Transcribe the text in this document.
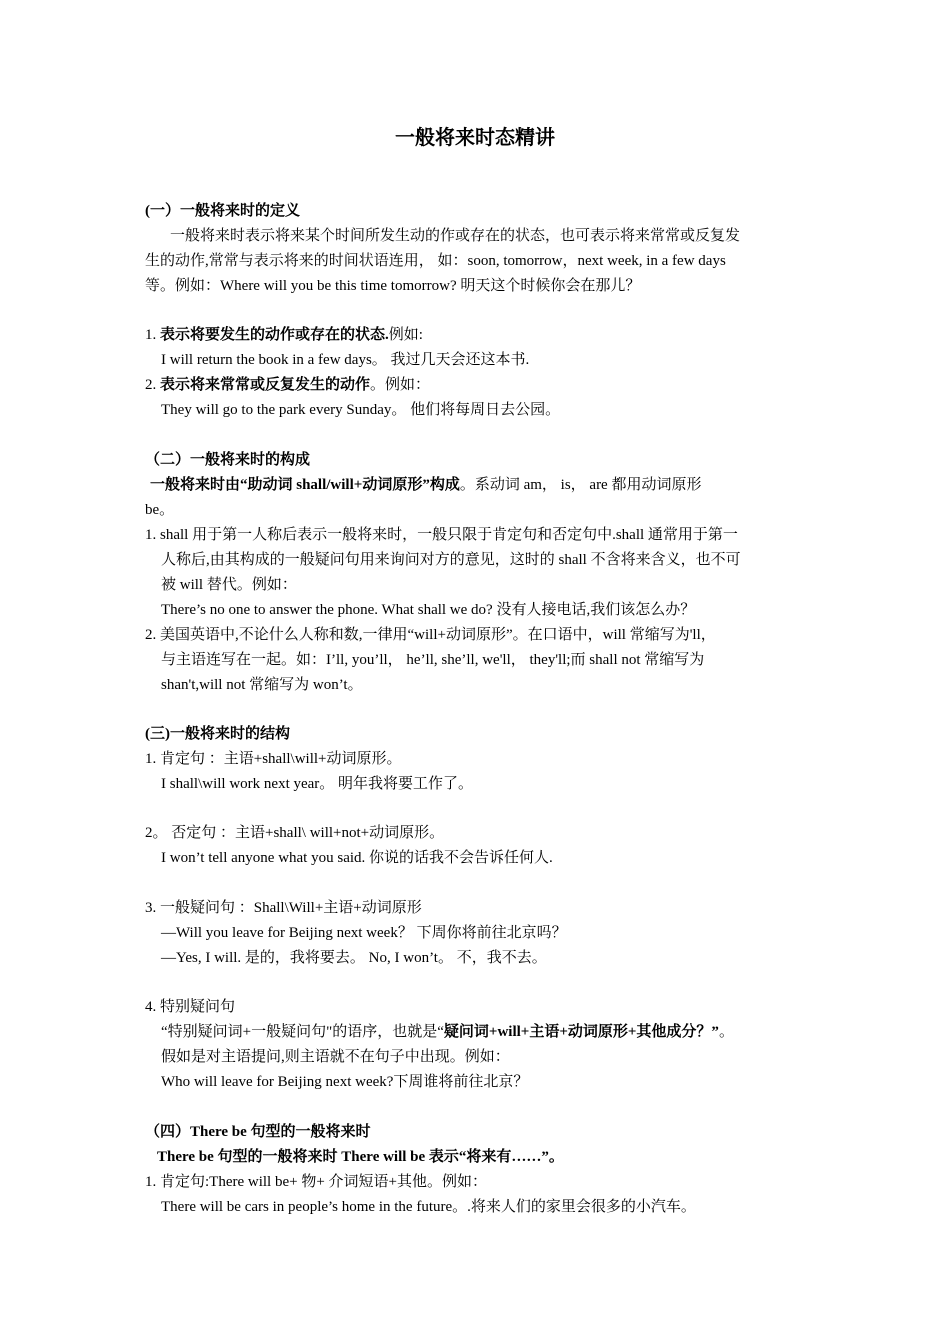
一般将来时态精讲
(一）一般将来时的定义
一般将来时表示将来某个时间所发生动的作或存在的状态，也可表示将来常常或反复发
生的动作,常常与表示将来的时间状语连用， 如：soon, tomorrow，next week, in a few days
等。例如：Where will you be this time tomorrow? 明天这个时候你会在那儿？
1. 表示将要发生的动作或存在的状态.例如:
I will return the book in a few days。 我过几天会还这本书.
2. 表示将来常常或反复发生的动作。例如：
They will go to the park every Sunday。 他们将每周日去公园。
（二）一般将来时的构成
一般将来时由“助动词 shall/will+动词原形”构成。系动词 am， is， are 都用动词原形
be。
1. shall 用于第一人称后表示一般将来时，一般只限于肯定句和否定句中.shall 通常用于第一
人称后,由其构成的一般疑问句用来询问对方的意见，这时的 shall 不含将来含义，也不可
被 will 替代。例如：
There’s no one to answer the phone. What shall we do? 没有人接电话,我们该怎么办？
2. 美国英语中,不论什么人称和数,一律用“will+动词原形”。在口语中，will 常缩写为'll，
与主语连写在一起。如：I’ll, you’ll， he’ll, she’ll, we'll， they'll;而 shall not 常缩写为
shan't,will not 常缩写为 won’t。
(三)一般将来时的结构
1. 肯定句 ：主语+shall\will+动词原形。
I shall\will work next year。 明年我将要工作了。
2。 否定句 ：主语+shall\ will+not+动词原形。
I won’t tell anyone what you said. 你说的话我不会告诉任何人.
3. 一般疑问句 ：Shall\Will+主语+动词原形
—Will you leave for Beijing next week？ 下周你将前往北京吗？
—Yes, I will. 是的，我将要去。 No, I won’t。 不，我不去。
4. 特别疑问句
“特别疑问词+一般疑问句"的语序，也就是“疑问词+will+主语+动词原形+其他成分？”。
假如是对主语提问,则主语就不在句子中出现。例如：
Who will leave for Beijing next week?下周谁将前往北京？
（四）There be 句型的一般将来时
There be 句型的一般将来时 There will be 表示“将来有……”。
1. 肯定句:There will be+ 物+ 介词短语+其他。例如：
There will be cars in people’s home in the future。.将来人们的家里会很多的小汽车。
